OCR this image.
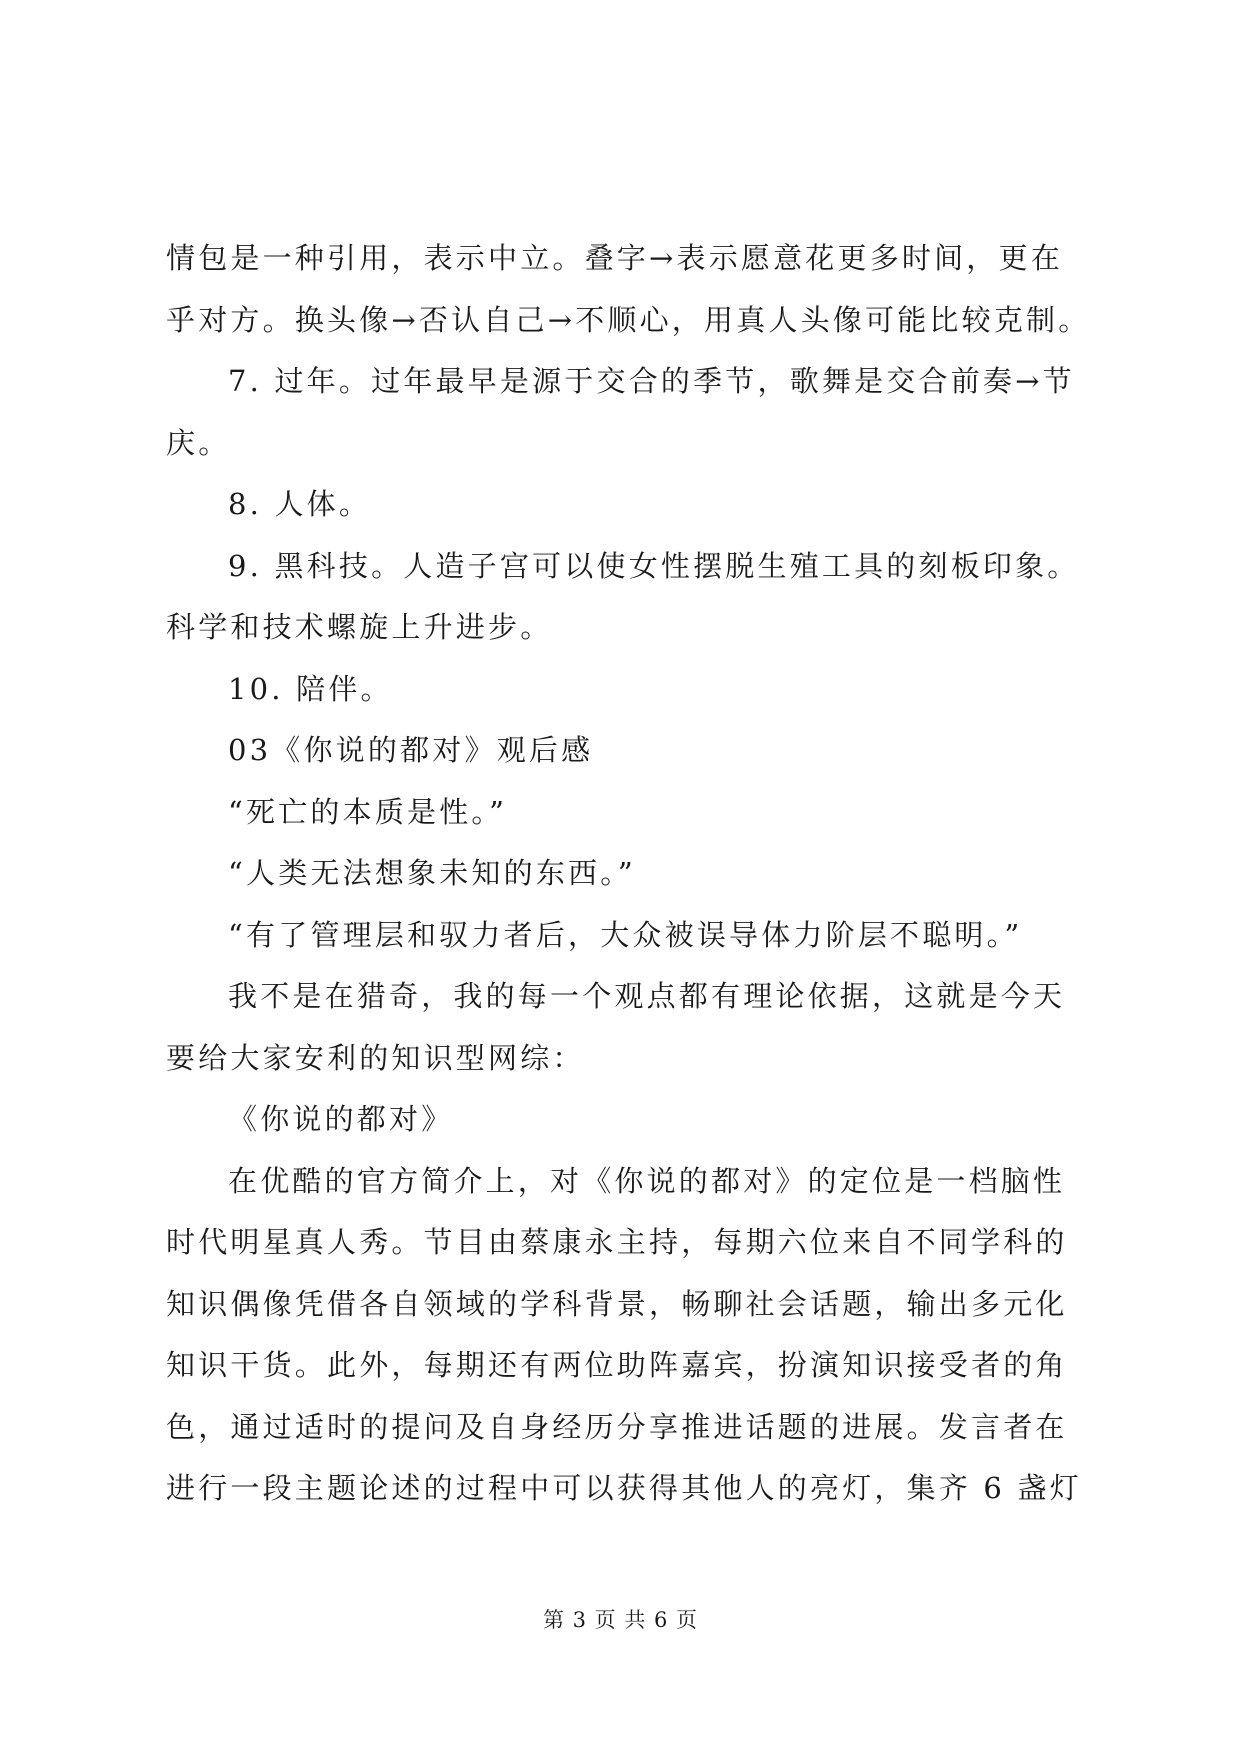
情包是一种引用，表示中立。叠字→表示愿意花更多时间，更在
乎对方。换头像→否认自己→不顺心，用真人头像可能比较克制。
7. 过年。过年最早是源于交合的季节，歌舞是交合前奏→节
庆。
8. 人体。
9. 黑科技。人造子宫可以使女性摆脱生殖工具的刻板印象。
科学和技术螺旋上升进步。
10. 陪伴。
03《你说的都对》观后感
“死亡的本质是性。”
“人类无法想象未知的东西。”
“有了管理层和驭力者后，大众被误导体力阶层不聪明。”
我不是在猎奇，我的每一个观点都有理论依据，这就是今天
要给大家安利的知识型网综：
《你说的都对》
在优酷的官方简介上，对《你说的都对》的定位是一档脑性
时代明星真人秀。节目由蔡康永主持，每期六位来自不同学科的
知识偶像凭借各自领域的学科背景，畅聊社会话题，输出多元化
知识干货。此外，每期还有两位助阵嘉宾，扮演知识接受者的角
色，通过适时的提问及自身经历分享推进话题的进展。发言者在
进行一段主题论述的过程中可以获得其他人的亮灯，集齐 6 盏灯
第 3 页 共 6 页
